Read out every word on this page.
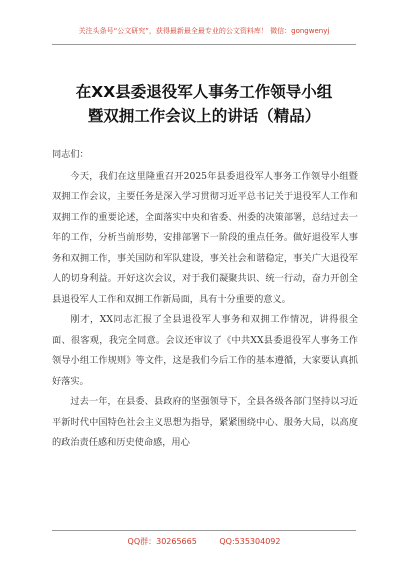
关注头条号“公文研究”，获得最新最全最专业的公文资料库！ 微信：gongwenyj
在XX县委退役军人事务工作领导小组
暨双拥工作会议上的讲话（精品）

同志们：

今天，我们在这里隆重召开2025年县委退役军人事务工作领导小组暨双拥工作会议，主要任务是深入学习贯彻习近平总书记关于退役军人工作和双拥工作的重要论述，全面落实中央和省委、州委的决策部署，总结过去一年的工作，分析当前形势，安排部署下一阶段的重点任务。做好退役军人事务和双拥工作，事关国防和军队建设，事关社会和谐稳定，事关广大退役军人的切身利益。开好这次会议，对于我们凝聚共识、统一行动，奋力开创全县退役军人工作和双拥工作新局面，具有十分重要的意义。

刚才，XX同志汇报了全县退役军人事务和双拥工作情况，讲得很全面、很客观，我完全同意。会议还审议了《中共XX县委退役军人事务工作领导小组工作规则》等文件，这是我们今后工作的基本遵循，大家要认真抓好落实。

过去一年，在县委、县政府的坚强领导下，全县各级各部门坚持以习近平新时代中国特色社会主义思想为指导，紧紧围绕中心、服务大局，以高度的政治责任感和历史使命感，用心

QQ群：30265665	QQ:535304092
